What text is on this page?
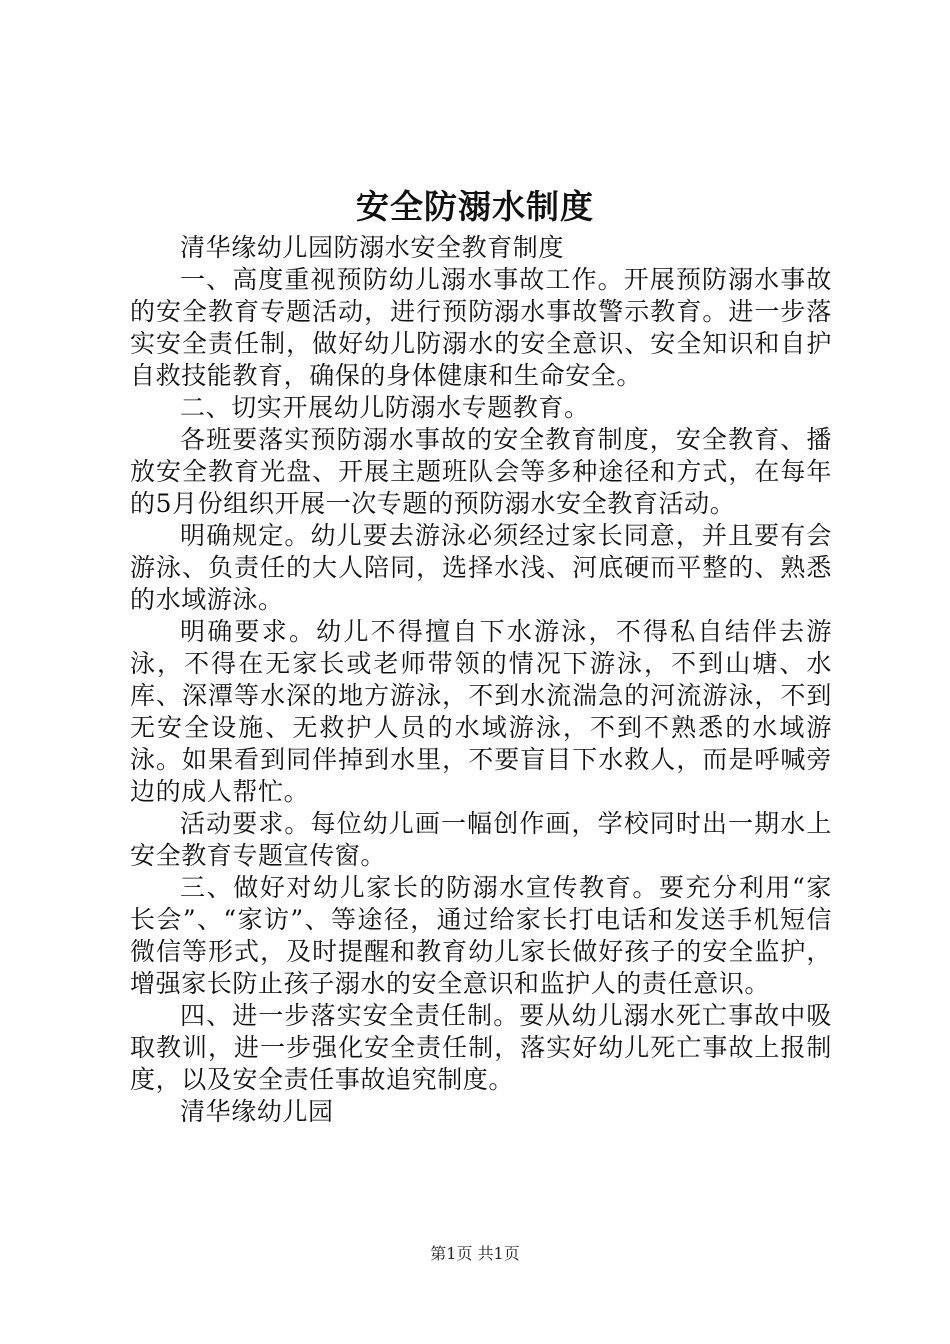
安全防溺水制度

清华缘幼儿园防溺水安全教育制度

一、高度重视预防幼儿溺水事故工作。开展预防溺水事故的安全教育专题活动，进行预防溺水事故警示教育。进一步落实安全责任制，做好幼儿防溺水的安全意识、安全知识和自护自救技能教育，确保的身体健康和生命安全。

二、切实开展幼儿防溺水专题教育。

各班要落实预防溺水事故的安全教育制度，安全教育、播放安全教育光盘、开展主题班队会等多种途径和方式，在每年的5月份组织开展一次专题的预防溺水安全教育活动。

明确规定。幼儿要去游泳必须经过家长同意，并且要有会游泳、负责任的大人陪同，选择水浅、河底硬而平整的、熟悉的水域游泳。

明确要求。幼儿不得擅自下水游泳，不得私自结伴去游泳，不得在无家长或老师带领的情况下游泳，不到山塘、水库、深潭等水深的地方游泳，不到水流湍急的河流游泳，不到无安全设施、无救护人员的水域游泳，不到不熟悉的水域游泳。如果看到同伴掉到水里，不要盲目下水救人，而是呼喊旁边的成人帮忙。

活动要求。每位幼儿画一幅创作画，学校同时出一期水上安全教育专题宣传窗。

三、做好对幼儿家长的防溺水宣传教育。要充分利用“家长会”、“家访”、等途径，通过给家长打电话和发送手机短信微信等形式，及时提醒和教育幼儿家长做好孩子的安全监护，增强家长防止孩子溺水的安全意识和监护人的责任意识。

四、进一步落实安全责任制。要从幼儿溺水死亡事故中吸取教训，进一步强化安全责任制，落实好幼儿死亡事故上报制度，以及安全责任事故追究制度。

清华缘幼儿园

第1页 共1页
